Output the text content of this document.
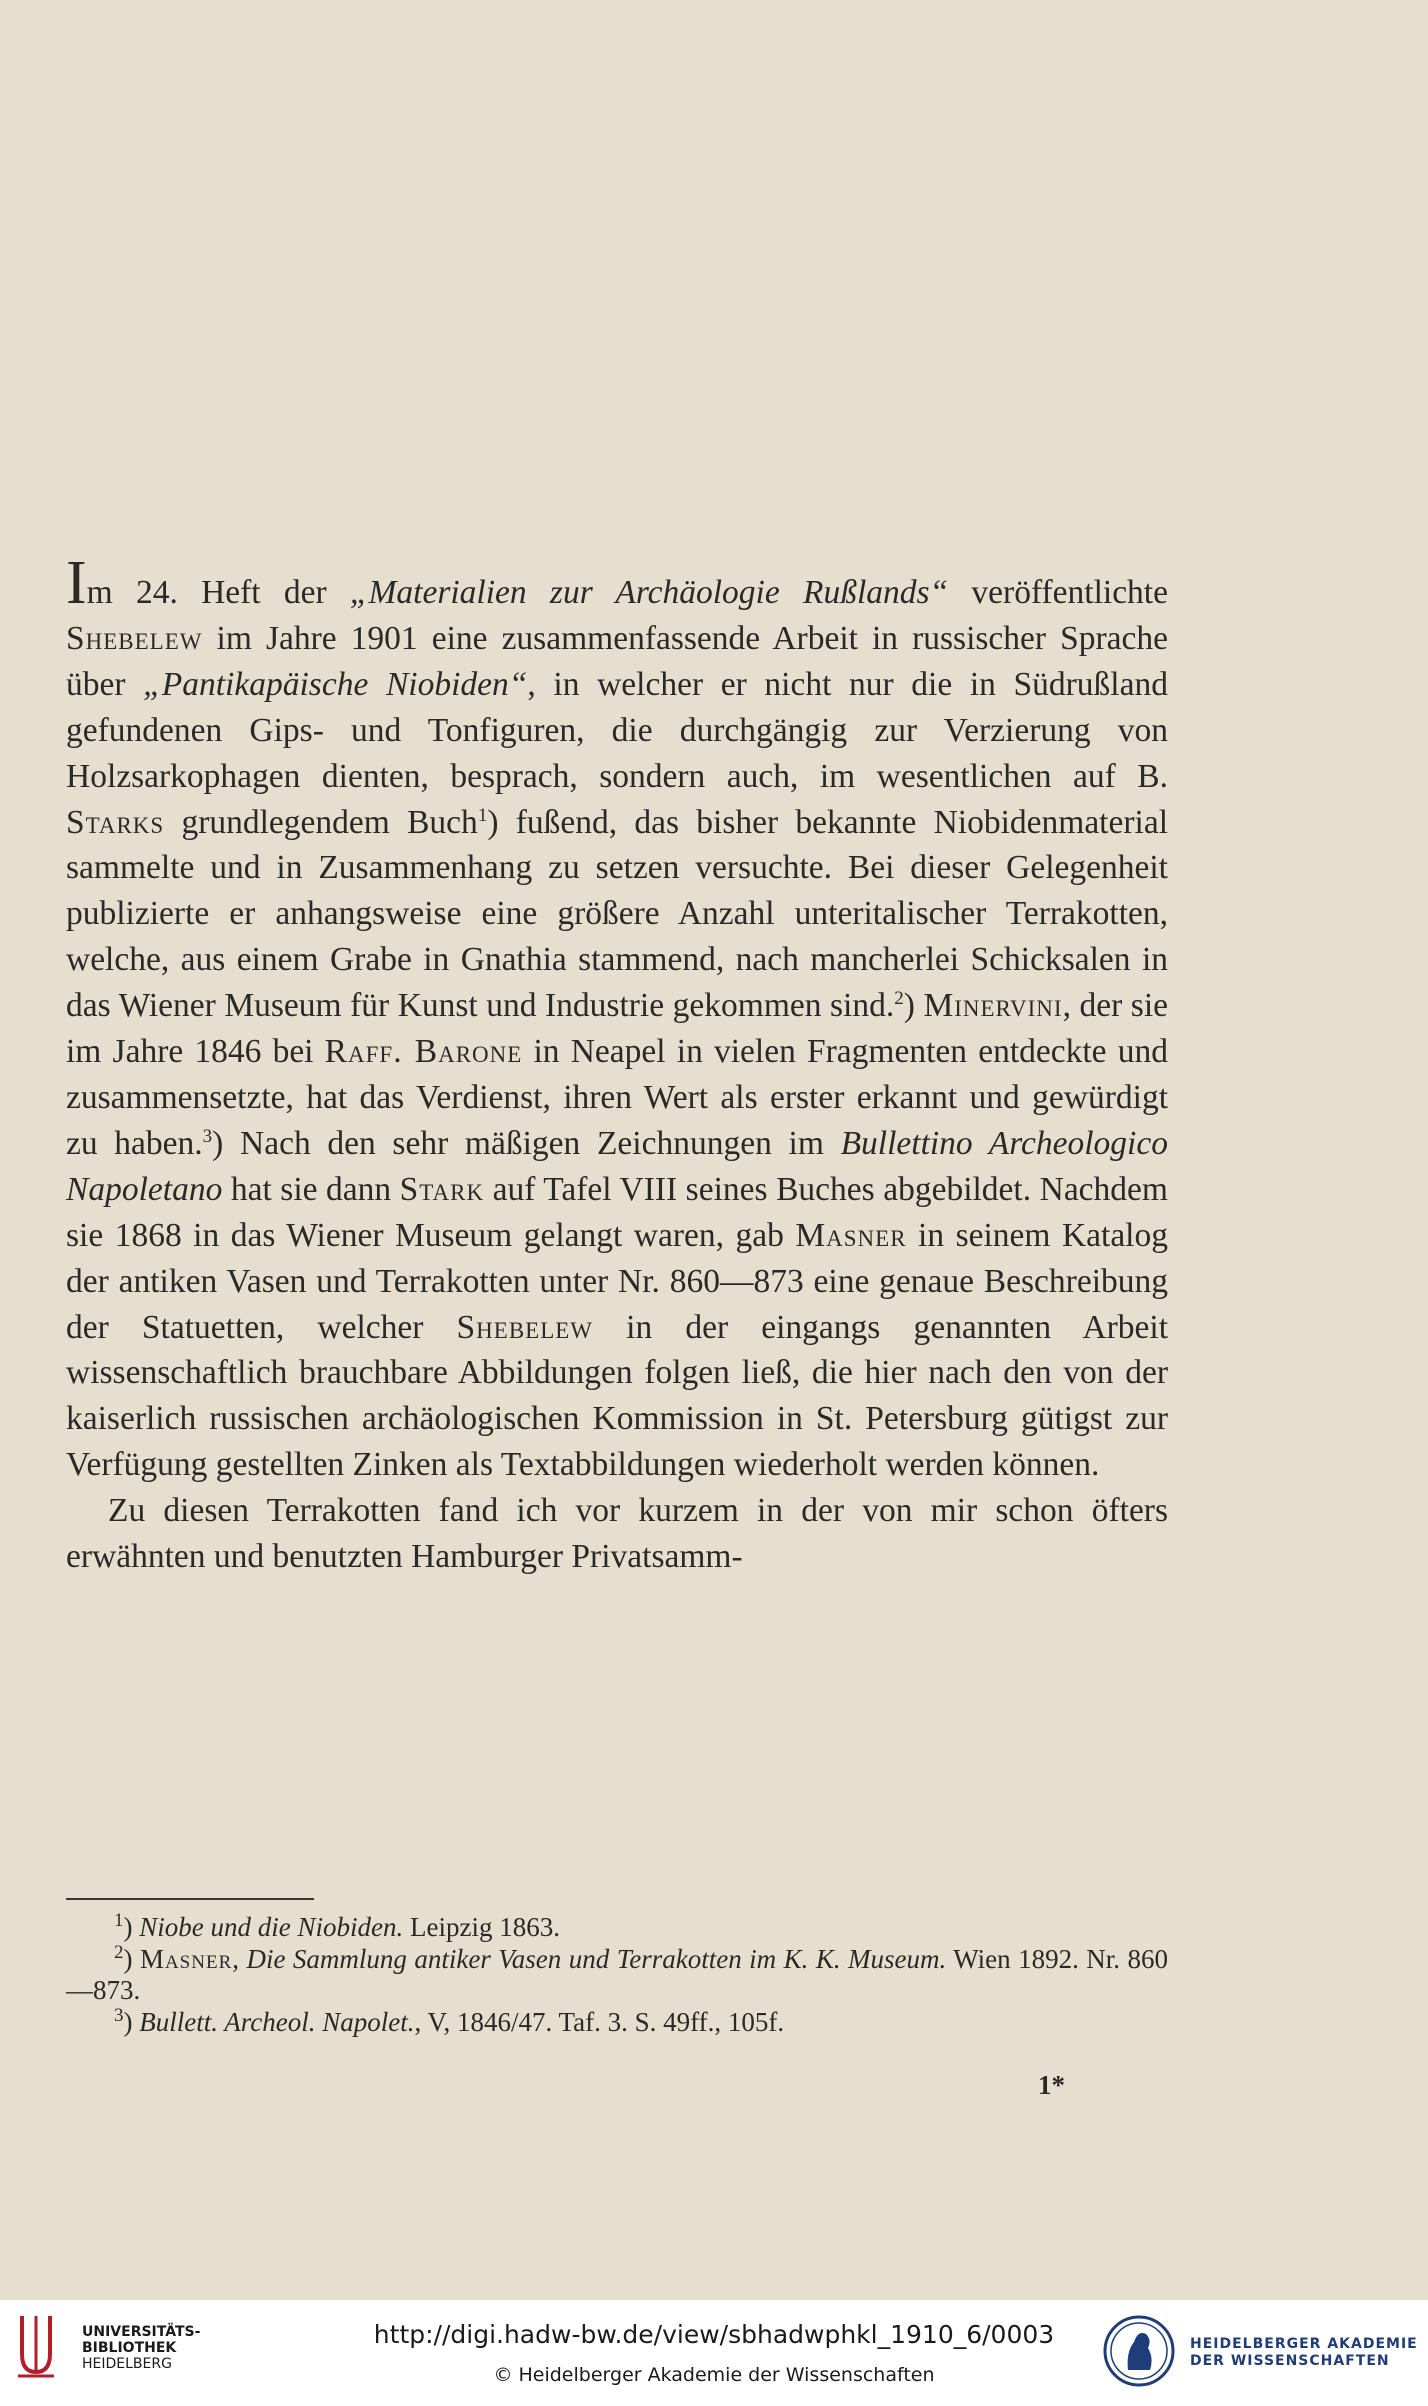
Im 24. Heft der „Materialien zur Archäologie Rußlands“ veröffentlichte Shebelew im Jahre 1901 eine zusammenfassende Arbeit in russischer Sprache über „Pantikapäische Niobiden“, in welcher er nicht nur die in Südrußland gefundenen Gips- und Tonfiguren, die durchgängig zur Verzierung von Holzsarkophagen dienten, besprach, sondern auch, im wesentlichen auf B. Starks grundlegendem Buch$^1$) fußend, das bisher bekannte Niobidenmaterial sammelte und in Zusammenhang zu setzen versuchte. Bei dieser Gelegenheit publizierte er anhangsweise eine größere Anzahl unteritalischer Terrakotten, welche, aus einem Grabe in Gnathia stammend, nach mancherlei Schicksalen in das Wiener Museum für Kunst und Industrie gekommen sind.$^2$) Minervini, der sie im Jahre 1846 bei Raff. Barone in Neapel in vielen Fragmenten entdeckte und zusammensetzte, hat das Verdienst, ihren Wert als erster erkannt und gewürdigt zu haben.$^3$) Nach den sehr mäßigen Zeichnungen im Bullettino Archeologico Napoletano hat sie dann Stark auf Tafel VIII seines Buches abgebildet. Nachdem sie 1868 in das Wiener Museum gelangt waren, gab Masner in seinem Katalog der antiken Vasen und Terrakotten unter Nr. 860—873 eine genaue Beschreibung der Statuetten, welcher Shebelew in der eingangs genannten Arbeit wissenschaftlich brauchbare Abbildungen folgen ließ, die hier nach den von der kaiserlich russischen archäologischen Kommission in St. Petersburg gütigst zur Verfügung gestellten Zinken als Textabbildungen wiederholt werden können.

Zu diesen Terrakotten fand ich vor kurzem in der von mir schon öfters erwähnten und benutzten Hamburger Privatsamm-

$^1$) Niobe und die Niobiden. Leipzig 1863.

$^2$) Masner, Die Sammlung antiker Vasen und Terrakotten im K. K. Museum. Wien 1892. Nr. 860—873.

$^3$) Bullett. Archeol. Napolet., V, 1846/47. Taf. 3. S. 49ff., 105f.

1*
UNIVERSITÄTS-
BIBLIOTHEK
HEIDELBERG
http://digi.hadw-bw.de/view/sbhadwphkl_1910_6/0003
© Heidelberger Akademie der Wissenschaften
HEIDELBERGER AKADEMIE
DER WISSENSCHAFTEN
